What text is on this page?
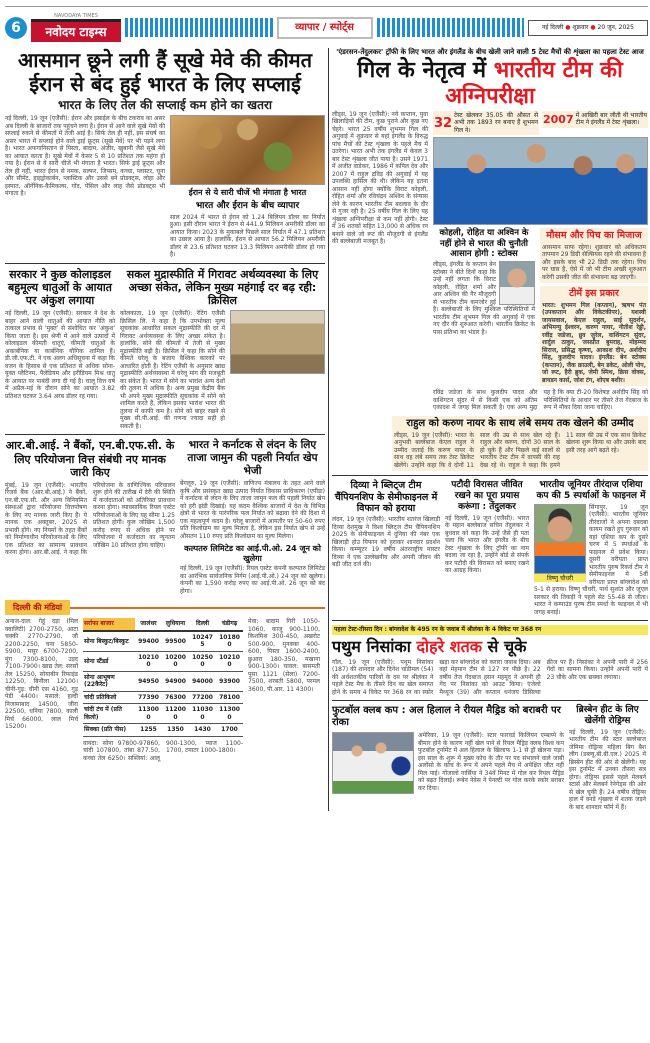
6
NAVODAYA TIMES
नवोदय टाइम्स	व्यापार / स्पोर्ट्स	नई दिल्ली ● शुक्रवार ● 20 जून, 2025
आसमान छूने लगी हैं सूखे मेवे की कीमत
ईरान से बंद हुई भारत के लिए सप्लाई
भारत के लिए तेल की सप्लाई कम होने का खतरा
नई दिल्ली, 19 जून (एजैंसी): ईरान और इस्राईल के बीच टकराव का असर अब दिल्ली के बाजारों तक पहुंचने लगा है। ईरान से आने वाले सूखे मेवों की सप्लाई रुकने से कीमतों में तेजी आई है। सिर्फ तेल ही नहीं, इस संघर्ष का असर भारत में सप्लाई होने वाले ड्राई फ्रूट्स (सूखे मेवे) पर भी पड़ने लगा है। भारत अफगानिस्तान से पिस्ता, बादाम, अंजीर, खुबानी जैसे सूखे मेवे का आयात करता है। सूखे मेवों में केसर 5 से 10 प्रतिशत तक महंगा हो गया है। ईरान से ये सारी चीजें भी मंगाता है भारत। सिर्फ ड्राई फ्रूट्स और तेल ही नहीं, भारत ईरान से नमक, सल्फर, जिप्सम, कच्चा, प्लास्टर, चूना और सीमेंट, हाइड्रोकार्बन, प्लास्टिक और उससे बने प्रोडक्ट्स, लोहा और इस्पात, ऑर्गेनिक-कैमिकल्स, गोंद, पेंसिल और लाह जैसे प्रोडक्ट्स भी मंगाता है।	ईरान से ये सारी चीजें भी मंगाता है भारत
भारत और ईरान के बीच व्यापार
साल 2024 में भारत से ईरान को 1.24 बिलियन डॉलर का निर्यात हुआ। इसी दौरान भारत ने ईरान से 441.9 मिलियन अमरीकी डॉलर का आयात किया। 2023 के मुकाबले पिछले साल निर्यात में 47.1 प्रतिशत का उछाल आया है। हालांकि, ईरान से आयात 56.2 मिलियन अमरीकी डॉलर से 23.6 प्रतिशत घटकर 13.3 मिलियन अमरीकी डॉलर हो गया है।
सरकार ने कुछ कोलाइडल बहुमूल्य धातुओं के आयात पर अंकुश लगाया
नई दिल्ली, 19 जून (एजैंसी): सरकार ने देश के बाहर आने वाली धातुओं की आयात नीति को तत्काल प्रभाव से 'मुक्त' से संशोधित कर 'अंकुश' किया जाता है। इस श्रेणी में आने वाले उत्पादों में कोलाइडल कीमती धातुएं, कीमती धातुओं के अकार्बनिक या कार्बनिक यौगिक शामिल हैं। डी.जी.एफ.टी. ने एक अलग अधिसूचना में कहा कि वजन के हिसाब से एक प्रतिशत से अधिक सोना-युक्त प्लैटिनम, पैलेडियम और इरीडियम मिश्र धातु के आयात पर पाबंदी लगा दी गई है। चालू वित्त वर्ष में अप्रैल-मई के दौरान सोने का आयात 3.82 प्रतिशत घटकर 3.64 अरब डॉलर रह गया।
सकल मुद्रास्फीति में गिरावट अर्थव्यवस्था के लिए अच्छा संकेत, लेकिन मुख्य महंगाई दर बढ़ रही: क्रिसिल
कोलकाता, 19 जून (एजैंसी): रेटिंग एजैंसी क्रिसिल लि. ने कहा है कि उपभोक्ता मूल्य सूचकांक आधारित सकल मुद्रास्फीति की दर में गिरावट अर्थव्यवस्था के लिए अच्छा संकेत है। हालांकि, सोने की कीमतों में तेजी से मुख्य मुद्रास्फीति बढ़ी है। क्रिसिल ने कहा कि सोने की कीमतें घरेलू के बजाय वैश्विक कारकों पर आधारित होती हैं। रेटिंग एजैंसी के अनुसार खाद्य मुद्रास्फीति अर्थव्यवस्था में घरेलू मांग की मजबूती का संकेत है। भारत में सोने का भारांश अन्य देशों की तुलना में अधिक है। अन्य प्रमुख केंद्रीय बैंक भी अपने मुख्य मुद्रास्फीति सूचकांक में सोने को शामिल करते हैं, लेकिन इसका भारांश भारत की तुलना में काफी कम है। सोने को बाहर रखने से मुख्य सी.पी.आई. की गणना ज्यादा सही हो सकती है।
आर.बी.आई. ने बैंकों, एन.बी.एफ.सी. के लिए परियोजना वित्त संबंधी नए मानक जारी किए
मुंबई, 19 जून (एजैंसी): भारतीय रिजर्व बैंक (आर.बी.आई.) ने बैंकों, एन.बी.एफ.सी. और अन्य विनियमित संस्थाओं द्वारा परियोजना वित्तपोषण के लिए नए मानक जारी किए हैं। ये मानक एक अक्तूबर, 2025 से प्रभावी होंगे। नए नियमों के तहत बैंकों को निर्माणाधीन परियोजनाओं के लिए एक प्रतिशत का सामान्य प्रावधान करना होगा। आर.बी.आई. ने कहा कि परियोजना के वाणिज्यिक परिचालन शुरू होने की तारीख में देरी की स्थिति में कर्जदाताओं को अतिरिक्त प्रावधान करना होगा। व्यावसायिक रियल एस्टेट परियोजनाओं के लिए यह सीमा 1.25 प्रतिशत होगी। कुल जोखिम 1,500 करोड़ रुपए से अधिक होने पर परियोजना में कर्जदाता का न्यूनतम जोखिम 10 प्रतिशत होना चाहिए।
भारत ने कर्नाटक से लंदन के लिए ताजा जामुन की पहली निर्यात खेप भेजी
बेंगलूरु, 19 जून (एजैंसी): वाणिज्य मंत्रालय के तहत आने वाले कृषि और प्रसंस्कृत खाद्य उत्पाद निर्यात विकास प्राधिकरण (एपीडा) ने कर्नाटक से लंदन के लिए ताजा जामुन फल की पहली निर्यात खेप को हरी झंडी दिखाई। यह कदम वैश्विक बाजारों में देश के विभिन्न क्षेत्रों से भारत के पारंपरिक फल निर्यात को बढ़ावा देने की दिशा में एक महत्वपूर्ण कदम है। घरेलू बाजारों में आमतौर पर 50-60 रुपए प्रति किलोग्राम का मूल्य मिलता है, लेकिन इस निर्यात खेप से उन्हें औसतन 110 रुपए प्रति किलोग्राम का मूल्य मिलेगा।
कल्पतरु लिमिटेड का आई.पी.ओ. 24 जून को खुलेगा
नई दिल्ली, 19 जून (एजैंसी): रियल एस्टेट कंपनी कल्पतरु लिमिटेड का आरंभिक सार्वजनिक निर्गम (आई.पी.ओ.) 24 जून को खुलेगा। कंपनी का 1,590 करोड़ रुपए का आई.पी.ओ. 26 जून को बंद होगा।
दिल्ली की मंडियां
अनाज-दाल: गेहूं दड़ा (मिल क्वालिटी) 2700-2750, आटा चक्की 2770-2790, जौ 2200-2250, चना 5850-5900, मसूर 6700-7200, मूंग 7300-8100, उड़द 7100-7900। खाद्य तेल: सरसों तेल 15250, सोयाबीन रिफाइंड 12250, बिनौला 12100। चीनी-गुड़: चीनी एस 4160, गुड़ पेडी 4400। मसाले: हल्दी निजामाबाद 14500, जीरा 22500, धनिया 7800, काली मिर्च 66000, लाल मिर्च 15200।
सर्राफा बाजार	जालंधर	लुधियाना	दिल्ली	चंडीगढ़
सोना बिस्कुट/बिस्कुट	99400	99500	102475	101800
सोना स्टैंडर्ड	102100	102000	102500	102100
सोना आभूषण (22कैरेट)	94950	94900	94000	93900
चांदी प्रतिकिलो	77390	76300	77200	78100
चांदी टंच में (प्रति किलो)	113000	112000	110300	113000
सिक्का (प्रति पीस)	1255	1350	1430	1700
वायदा: सोना 97800-97860, चांदी 107800, तांबा 877.50, कच्चा तेल 6250। सब्जियां: आलू 900-1300, प्याज 1100-1700, टमाटर 1000-1800।
मेवा: बादाम गिरी 1050-1060, काजू 900-1100, किशमिश 300-450, अखरोट 500-900, मुनक्का 400-600, पिस्ता 1600-2400, छुआरा 180-350, मखाना 900-1300। चावल: बासमती पूसा 1121 (सेला) 7200-7500, शरबती 5800, परमल 3600, पी.आर. 11 4300।
'एंडरसन-तेंदुलकर' ट्रॉफी के लिए भारत और इंगलैंड के बीच खेली जाने वाली 5 टेस्ट मैचों की शृंखला का पहला टेस्ट आज
गिल के नेतृत्व में भारतीय टीम की अग्निपरीक्षा
लीड्स, 19 जून (एजैंसी): नये कप्तान, युवा खिलाड़ियों की टीम, कुछ पुराने और कुछ नए चेहरे। भारत 25 वर्षीय शुभमन गिल की अगुवाई में शुक्रवार से यहां इंगलैंड के विरुद्ध पांच मैचों की टेस्ट शृंखला के पहले मैच में उतरेगा। भारत अभी तक इंगलैंड में केवल 3 बार टेस्ट शृंखला जीत पाया है। उसने 1971 में अजीत वाडेकर, 1986 में कपिल देव और 2007 में राहुल द्रविड़ की अगुवाई में यह उपलब्धि हासिल की थी। लेकिन यह इतना आसान नहीं होगा क्योंकि विराट कोहली, रोहित शर्मा और रविचंद्रन अश्विन के संन्यास लेने के कारण भारतीय टीम बदलाव के दौर से गुजर रही है। 25 वर्षीय गिल के लिए यह शृंखला अग्निपरीक्षा से कम नहीं होगी। टेस्ट में 36 शतकों सहित 13,000 से अधिक रन बनाने वाले जो रूट की मौजूदगी से इंगलैंड की बल्लेबाजी मजबूत है।
32
टेस्ट खेलकर 35.05 की औसत से अभी तक 1893 रन बनाए हैं शुभमन गिल ने।
2007 में आखिरी बार जीती थी भारतीय टीम ने इंगलैंड में टेस्ट शृंखला।
कोहली, रोहित या अश्विन के नहीं होने से भारत की चुनौती आसान होगी : स्टोक्स
लीड्स, इंगलैंड के कप्तान बेन स्टोक्स ने बीते दिनों कहा कि उन्हें नहीं लगता कि विराट कोहली, रोहित शर्मा और आर अश्विन की गैर मौजूदगी से भारतीय टीम कमजोर हुई है। बल्लेबाजी के लिए मुश्किल परिस्थितियों में भारतीय टीम शुभमन गिल की अगुवाई में एक नए दौर की शुरुआत करेगी। भारतीय क्रिकेट के पास प्रतिभा का भंडार है।
मौसम और पिच का मिजाज
आसमान साफ रहेगा। शुक्रवार को अधिकतम तापमान 29 डिग्री सेल्सियस रहने की संभावना है और इसके बाद भी 22 डिग्री तक रहेगा। पिच पर घास है, ऐसे में जो भी टीम अच्छी शुरुआत करेगी उसकी जीत की संभावना बढ़ जाएगी।
टीमें इस प्रकार
भारत: शुभमन गिल (कप्तान), ऋषभ पंत (उपकप्तान और विकेटकीपर), यशस्वी जायसवाल, केएल राहुल, साई सुदर्शन, अभिमन्यु ईश्वरन, करुण नायर, नीतीश रेड्डी, रवींद्र जडेजा, ध्रुव जुरेल, वाशिंगटन सुंदर, शार्दुल ठाकुर, जसप्रीत बुमराह, मोहम्मद सिराज, प्रसिद्ध कृष्णा, आकाश दीप, अर्शदीप सिंह, कुलदीप यादव। इंगलैंड: बेन स्टोक्स (कप्तान), जैक क्राउली, बेन डकेट, ओली पोप, जो रूट, हैरी ब्रुक, जेमी स्मिथ, क्रिस वोक्स, ब्रायडन कार्स, जोश टंग, शोएब बशीर।
रविंद्र जडेजा के साथ कुलदीप यादव और वाशिंगटन सुंदर में से किसी एक को अंतिम एकादश में जगह मिल सकती है। एक अन्य मुद्दा यह है कि क्या टी-20 विशेषज्ञ अर्शदीप सिंह को परिस्थितियों के आधार पर तीसरे तेज गेंदबाज के रूप में मौका दिया जाना चाहिए।
राहुल को करुण नायर के साथ लंबे समय तक खेलने की उम्मीद
लीड्स, 19 जून (एजैंसी): भारत के अनुभवी बल्लेबाज केएल राहुल ने उम्मीद जताई कि करुण नायर के साथ वह लंबे समय तक टेस्ट क्रिकेट खेलेंगे। उन्होंने कहा कि वे दोनों 11 साल की उम्र से साथ खेल रहे हैं। राहुल और करुण, दोनों 30 साल के हो चुके हैं और पिछले कई सालों से भारतीय टेस्ट टीम में वापसी की राह देख रहे थे। राहुल ने कहा कि हमने 11 साल की उम्र में एक साथ क्रिकेट खेलना शुरू किया था और उसके बाद इसी तरह आगे बढ़ते रहे।
दिव्या ने ब्लिट्ज टीम चैंपियनशिप के सेमीफाइनल में विफान को हराया
लंदन, 19 जून (एजैंसी): भारतीय शतरंज खिलाड़ी दिव्या देशमुख ने विश्व ब्लिट्ज टीम चैंपियनशिप 2025 के सेमीफाइनल में दुनिया की नंबर एक खिलाड़ी होउ यिफान को हराकर शानदार प्रदर्शन किया। कम्प्यूटर 19 वर्षीय अंतरराष्ट्रीय मास्टर दिव्या ने एक उल्लेखनीय और अपनी जीवन की बड़ी जीत दर्ज की।
पटौदी विरासत जीवित रखने का पूरा प्रयास करूंगा : तेंदुलकर
नई दिल्ली, 19 जून (एजैंसी): भारत के महान बल्लेबाज सचिन तेंदुलकर ने बुधवार को कहा कि उन्हें जैसे ही पता चला कि भारत और इंगलैंड के बीच टेस्ट शृंखला के लिए ट्रॉफी का नाम बदला जा रहा है, उन्होंने बोर्ड से संपर्क कर पटौदी की विरासत को बनाए रखने का आग्रह किया।
भारतीय जूनियर तीरंदाज एशिया कप की 5 स्पर्धाओं के फाइनल में
विष्णु चौधरी
सिंगापुर, 19 जून (एजैंसी): भारतीय जूनियर तीरंदाजों ने अपना दबदबा कायम रखते हुए गुरुवार को यहां एशिया कप के दूसरे चरण में 5 स्पर्धाओं के फाइनल में प्रवेश किया। दूसरी वरीयता प्राप्त भारतीय पुरुष रिकर्व टीम ने सेमीफाइनल में 5वीं वरीयता प्राप्त बांग्लादेश को 5-1 से हराया। विष्णु चौधरी, पार्थ सुशांत और जुएल सरकार की तिकड़ी ने पहले सेट 55-48 से जीता। भारत ने कम्पाउंड पुरुष टीम स्पर्धा के फाइनल में भी जगह बनाई।
पहला टेस्ट-तीसरा दिन : बांग्लादेश के 495 रन के जवाब में श्रीलंका के 4 विकेट पर 368 रन
पथुम निसांका दोहरे शतक से चूके
गॉल, 19 जून (एजैंसी): पथुम निसांका (187) की शानदार और दिनेश चांडीमल (54) की अर्धशतकीय पारियों के दम पर श्रीलंका ने पहले टेस्ट मैच के तीसरे दिन का खेल समाप्त होने के समय 4 विकेट पर 368 रन का स्कोर खड़ा कर बांग्लादेश को करारा जवाब दिया। अब वहां मेहमान टीम से 127 रन पीछे है। 22 वर्षीय तेज गेंदबाज हसन महमूद ने अपनी ही गेंद पर निसांका को आउट किया। एंजेलो मैथ्यूज (39) और कप्तान धनंजय डिसिल्वा क्रीज पर हैं। निसांका ने अपनी पारी में 256 गेंदों का सामना किया। उन्होंने अपनी पारी में 23 चौके और एक छक्का लगाया।
फुटबॉल क्लब कप : अल हिलाल ने रीयल मैड्रिड को बराबरी पर रोका
अमेरिका, 19 जून (एजैंसी): स्टार फारवर्ड किलियन एम्बाप्पे के बीमार होने के कारण नहीं खेल पाने से रियल मैड्रिड क्लब विश्व कप फुटबॉल टूर्नामेंट में अल हिलाल के खिलाफ 1-1 से ड्रॉ खेलना पड़ा। इस साल के शुरू में मुख्य कोच के तौर पर पद संभालने वाले जाबी अलोंसो के कोच के रूप में अपने पहले मैच में अपेक्षित जीत नहीं मिल पाई। गोंजालो गार्सिया ने 34वें मिनट में गोल कर रियल मैड्रिड को बढ़त दिलाई। रूबेन नेवेस ने पेनल्टी पर गोल करके स्कोर बराबर कर दिया।
ब्रिस्बेन हीट के लिए खेलेंगी रोड्रिग्स
नई दिल्ली, 19 जून (एजैंसी): भारतीय टीम की स्टार बल्लेबाज जेमिमा रोड्रिग्स महिला बिग बैश लीग (डब्ल्यू.बी.बी.एल.) 2025 में ब्रिस्बेन हीट की ओर से खेलेंगी। यह इस टूर्नामेंट में उनका तीसरा सत्र होगा। रोड्रिग्स इससे पहले मेलबर्न स्टार्स और मेलबर्न रेनेगेड्स की ओर से खेल चुकी हैं। 24 वर्षीय रोड्रिग्स हाल में वनडे शृंखला में शतक जड़ने के बाद शानदार फॉर्म में हैं।
